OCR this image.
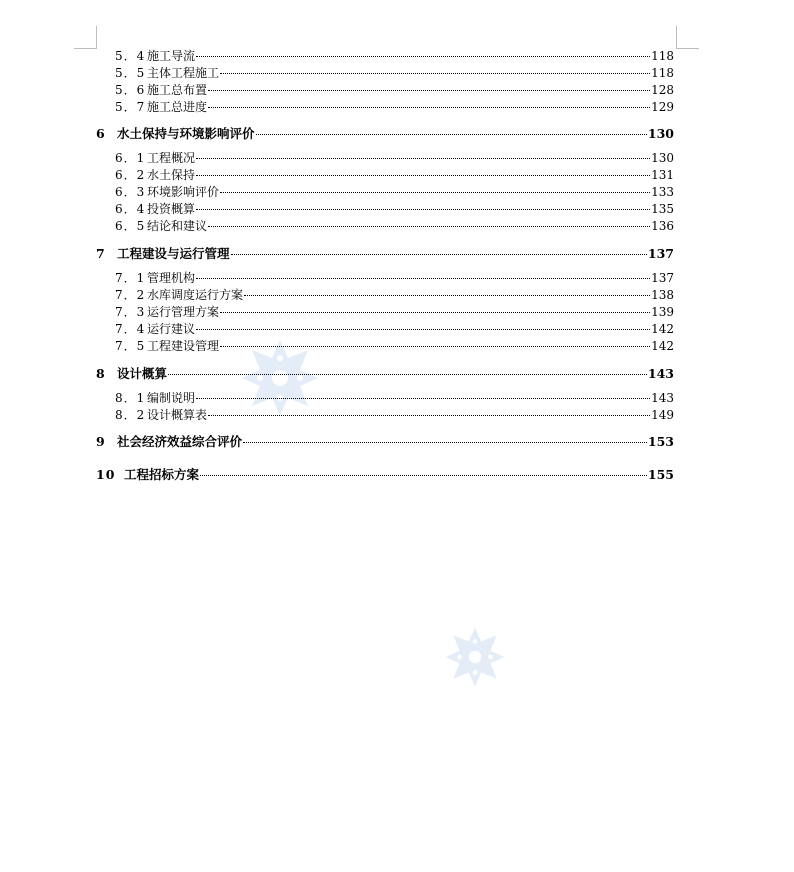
5．4 施工导流	118
5．5 主体工程施工	118
5．6 施工总布置	128
5．7 施工总进度	129
6 水土保持与环境影响评价	130
6．1 工程概况	130
6．2 水土保持	131
6．3 环境影响评价	133
6．4 投资概算	135
6．5 结论和建议	136
7 工程建设与运行管理	137
7．1 管理机构	137
7．2 水库调度运行方案	138
7．3 运行管理方案	139
7．4 运行建议	142
7．5 工程建设管理	142
8 设计概算	143
8．1 编制说明	143
8．2 设计概算表	149
9 社会经济效益综合评价	153
10 工程招标方案	155
